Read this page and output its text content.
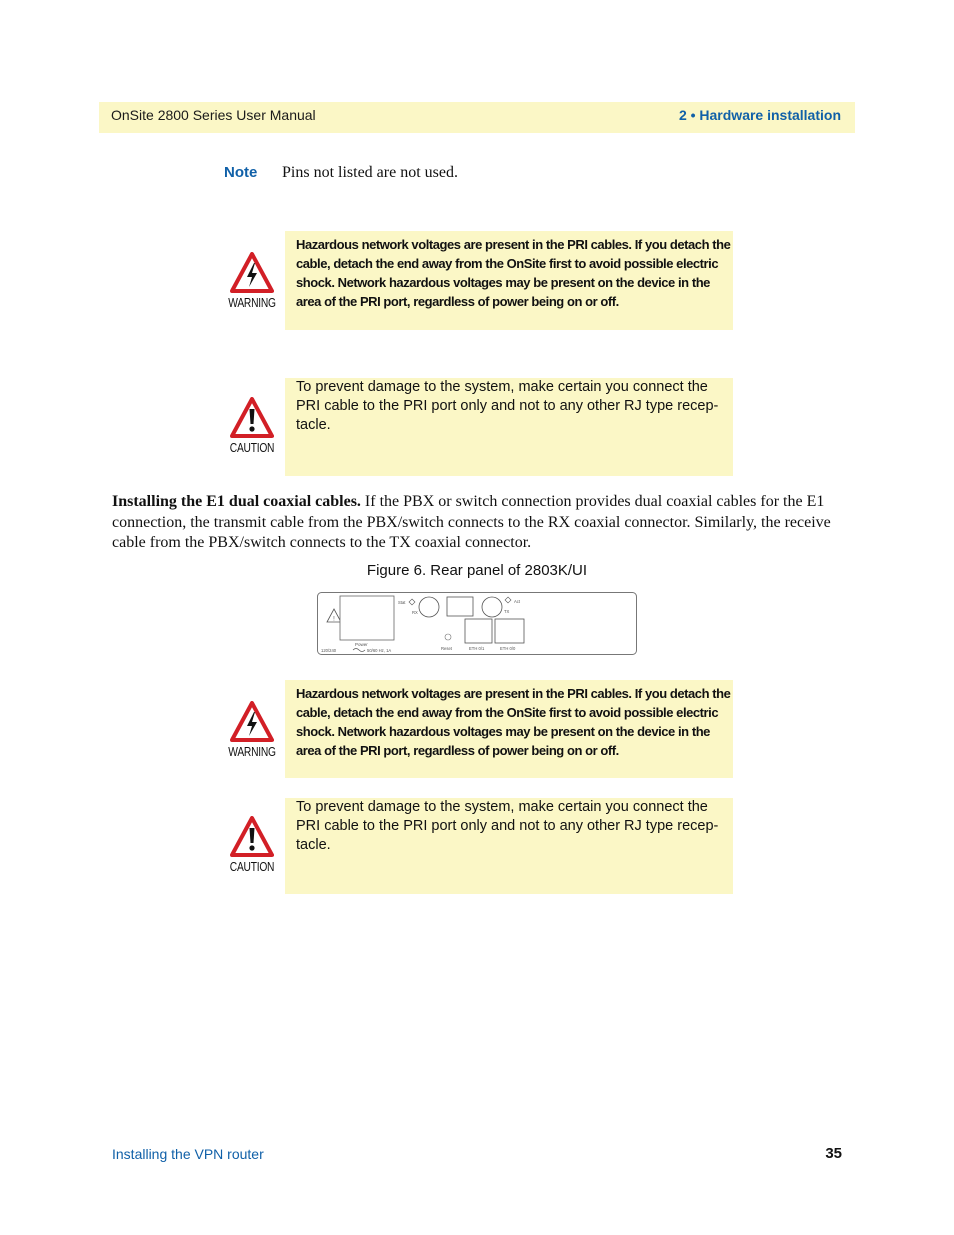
OnSite 2800 Series User Manual	2 • Hardware installation
Note Pins not listed are not used.
WARNING
Hazardous network voltages are present in the PRI cables. If you detach the cable, detach the end away from the OnSite first to avoid possible electric shock. Network hazardous voltages may be present on the device in the area of the PRI port, regardless of power being on or off.
CAUTION
To prevent damage to the system, make certain you connect the PRI cable to the PRI port only and not to any other RJ type recep-tacle.

Installing the E1 dual coaxial cables. If the PBX or switch connection provides dual coaxial cables for the E1 connection, the transmit cable from the PBX/switch connects to the RX coaxial connector. Similarly, the receive cable from the PBX/switch connects to the TX coaxial connector.

Figure 6. Rear panel of 2803K/UI
!
Power
120/240	50/60 Hz, 1A
Stat
RX
Reset	ETH 0/1
Act
TX
ETH 0/0
WARNING
Hazardous network voltages are present in the PRI cables. If you detach the cable, detach the end away from the OnSite first to avoid possible electric shock. Network hazardous voltages may be present on the device in the area of the PRI port, regardless of power being on or off.
CAUTION
To prevent damage to the system, make certain you connect the PRI cable to the PRI port only and not to any other RJ type recep-tacle.
Installing the VPN router	35
